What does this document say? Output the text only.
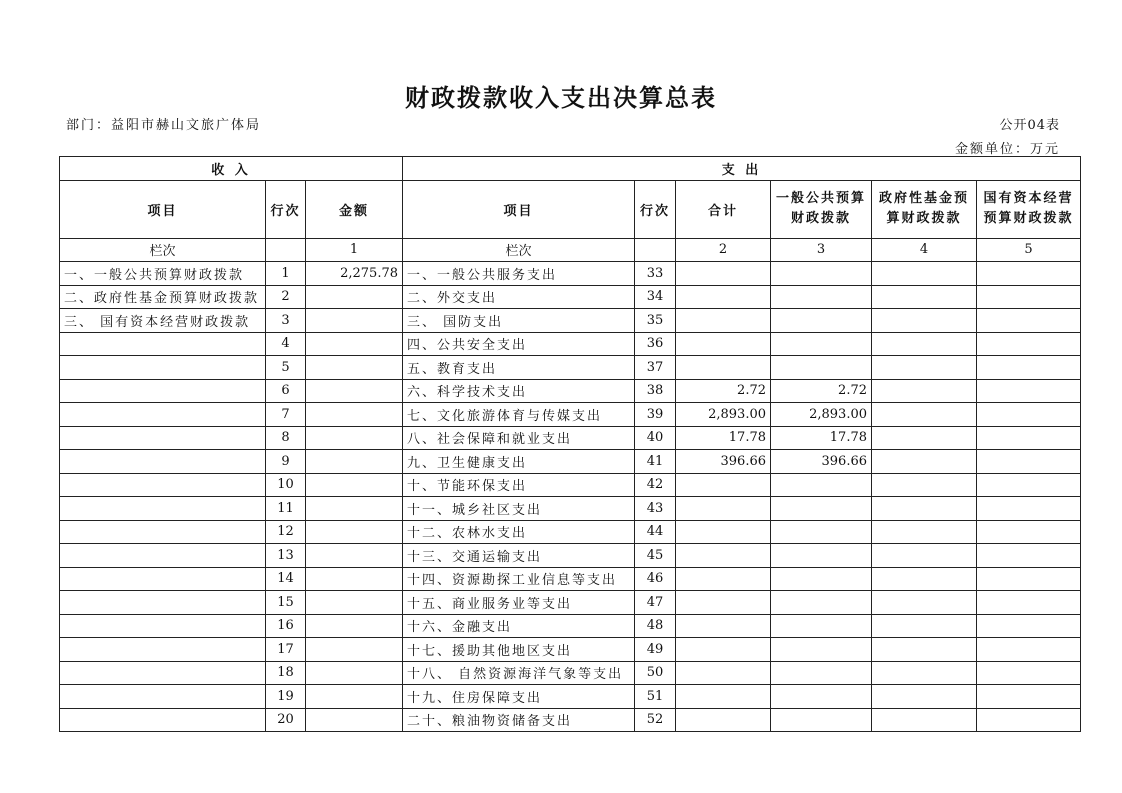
财政拨款收入支出决算总表
部门：益阳市赫山文旅广体局	公开04表
金额单位：万元
收 入			支 出					
项目	行次	金额	项目	行次	合计	一般公共预算财政拨款	政府性基金预算财政拨款	国有资本经营预算财政拨款
栏次		1	栏次		2	3	4	5
一、一般公共预算财政拨款	1	2,275.78	一、一般公共服务支出	33				
二、政府性基金预算财政拨款	2		二、外交支出	34				
三、 国有资本经营财政拨款	3		三、 国防支出	35				
	4		四、公共安全支出	36				
	5		五、教育支出	37				
	6		六、科学技术支出	38	2.72	2.72		
	7		七、文化旅游体育与传媒支出	39	2,893.00	2,893.00		
	8		八、社会保障和就业支出	40	17.78	17.78		
	9		九、卫生健康支出	41	396.66	396.66		
	10		十、节能环保支出	42				
	11		十一、城乡社区支出	43				
	12		十二、农林水支出	44				
	13		十三、交通运输支出	45				
	14		十四、资源勘探工业信息等支出	46				
	15		十五、商业服务业等支出	47				
	16		十六、金融支出	48				
	17		十七、援助其他地区支出	49				
	18		十八、 自然资源海洋气象等支出	50				
	19		十九、住房保障支出	51				
	20		二十、粮油物资储备支出	52				
